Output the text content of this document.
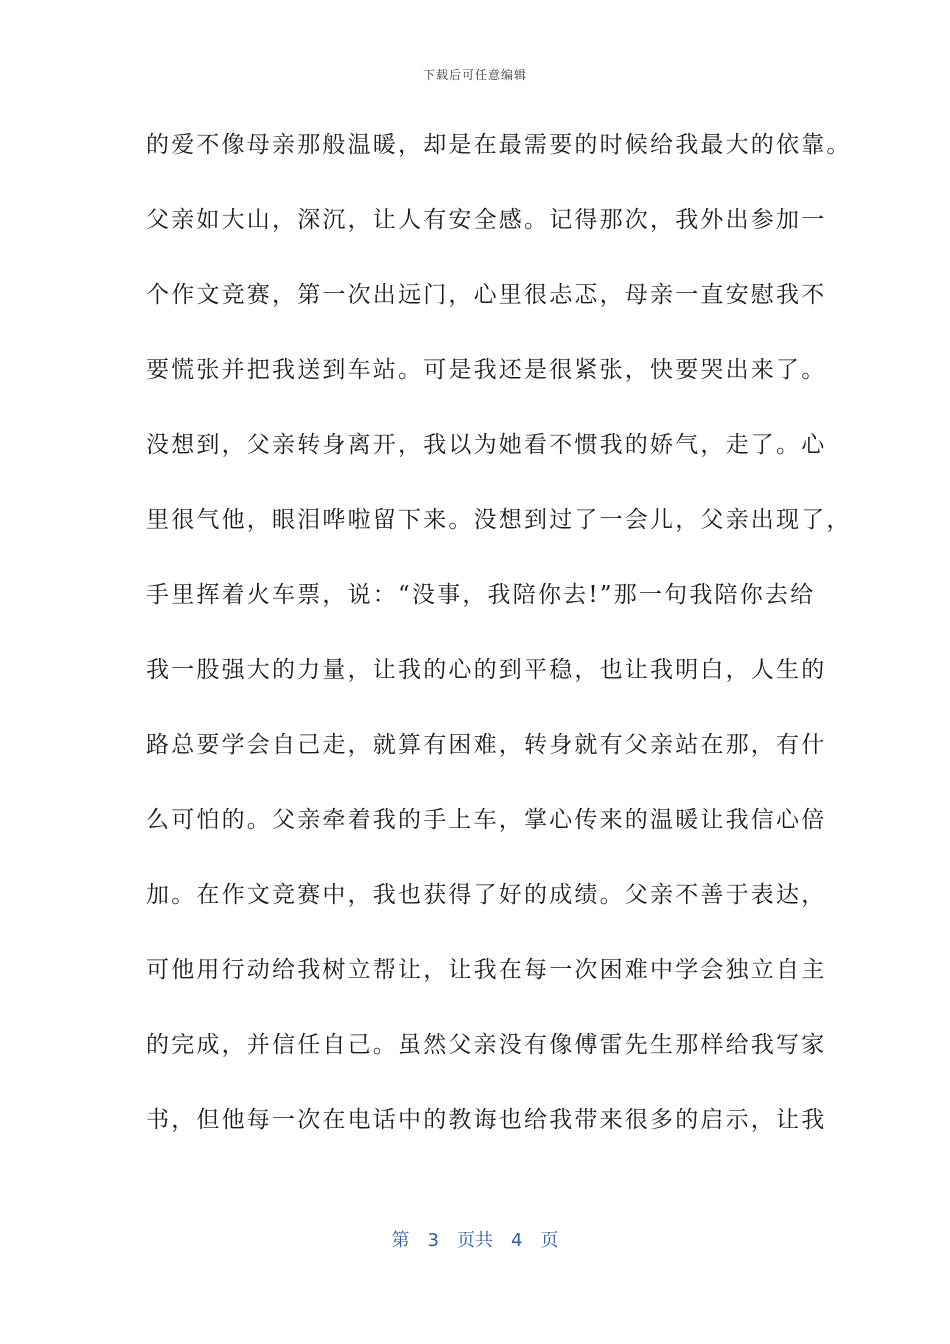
下载后可任意编辑
的爱不像母亲那般温暖，却是在最需要的时候给我最大的依靠。
父亲如大山，深沉，让人有安全感。记得那次，我外出参加一
个作文竞赛，第一次出远门，心里很忐忑，母亲一直安慰我不
要慌张并把我送到车站。可是我还是很紧张，快要哭出来了。
没想到，父亲转身离开，我以为她看不惯我的娇气，走了。心
里很气他，眼泪哗啦留下来。没想到过了一会儿，父亲出现了，
手里挥着火车票，说：“没事，我陪你去!”那一句我陪你去给
我一股强大的力量，让我的心的到平稳，也让我明白，人生的
路总要学会自己走，就算有困难，转身就有父亲站在那，有什
么可怕的。父亲牵着我的手上车，掌心传来的温暖让我信心倍
加。在作文竞赛中，我也获得了好的成绩。父亲不善于表达，
可他用行动给我树立帮让，让我在每一次困难中学会独立自主
的完成，并信任自己。虽然父亲没有像傅雷先生那样给我写家
书，但他每一次在电话中的教诲也给我带来很多的启示，让我
第 3 页共 4 页
